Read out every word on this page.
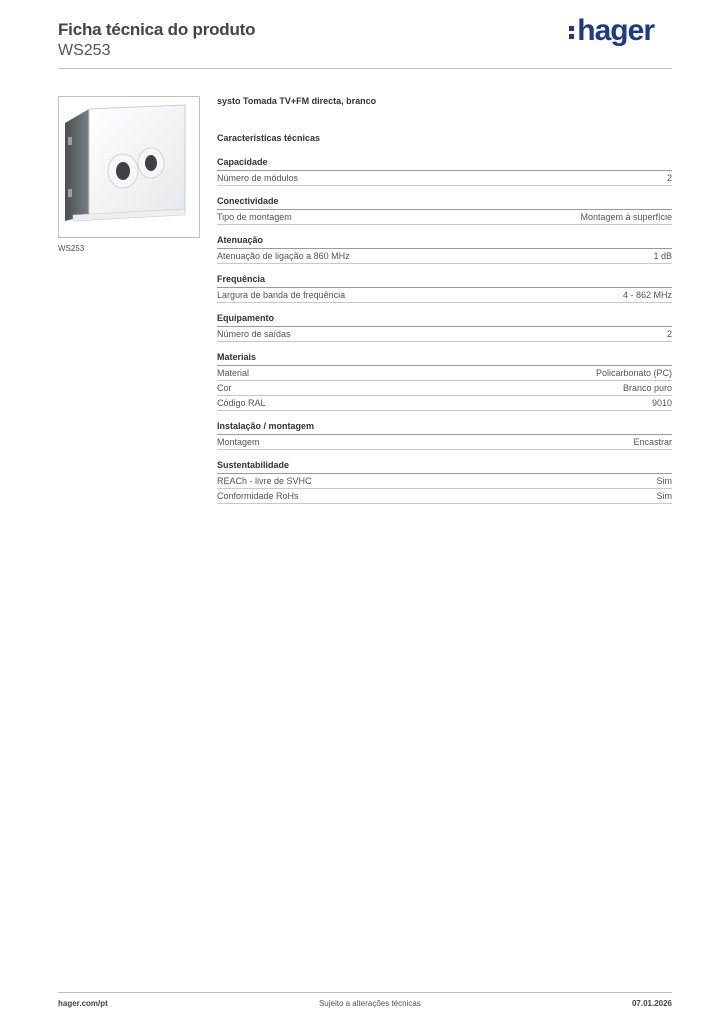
Ficha técnica do produto
WS253
hager
WS253
systo Tomada TV+FM directa, branco
Características técnicas
Capacidade
Número de módulos	2
Conectividade
Tipo de montagem	Montagem à superfície
Atenuação
Atenuação de ligação a 860 MHz	1 dB
Frequência
Largura de banda de frequência	4 - 862 MHz
Equipamento
Número de saídas	2
Materiais
Material	Policarbonato (PC)
Cor	Branco puro
Código RAL	9010
Instalação / montagem
Montagem	Encastrar
Sustentabilidade
REACh - livre de SVHC	Sim
Conformidade RoHs	Sim
hager.com/pt	Sujeito a alterações técnicas	07.01.2026
